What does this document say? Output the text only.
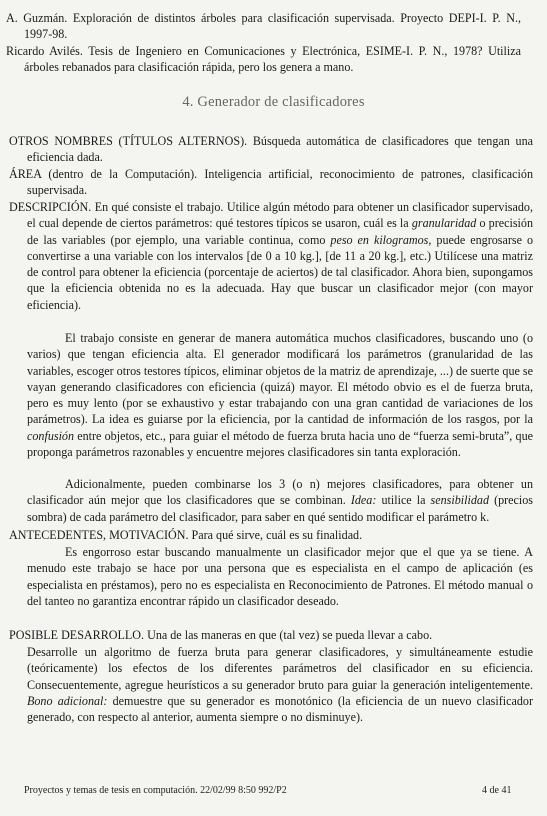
A. Guzmán. Exploración de distintos árboles para clasificación supervisada. Proyecto DEPI-I. P. N., 1997-98.
Ricardo Avilés. Tesis de Ingeniero en Comunicaciones y Electrónica, ESIME-I. P. N., 1978? Utiliza árboles rebanados para clasificación rápida, pero los genera a mano.
4. Generador de clasificadores
OTROS NOMBRES (TÍTULOS ALTERNOS). Búsqueda automática de clasificadores que tengan una eficiencia dada.
ÁREA (dentro de la Computación). Inteligencia artificial, reconocimiento de patrones, clasificación supervisada.
DESCRIPCIÓN. En qué consiste el trabajo. Utilice algún método para obtener un clasificador supervisado, el cual depende de ciertos parámetros: qué testores típicos se usaron, cuál es la granularidad o precisión de las variables (por ejemplo, una variable continua, como peso en kilogramos, puede engrosarse o convertirse a una variable con los intervalos [de 0 a 10 kg.], [de 11 a 20 kg.], etc.) Utilícese una matriz de control para obtener la eficiencia (porcentaje de aciertos) de tal clasificador. Ahora bien, supongamos que la eficiencia obtenida no es la adecuada. Hay que buscar un clasificador mejor (con mayor eficiencia).
El trabajo consiste en generar de manera automática muchos clasificadores, buscando uno (o varios) que tengan eficiencia alta. El generador modificará los parámetros (granularidad de las variables, escoger otros testores típicos, eliminar objetos de la matriz de aprendizaje, ...) de suerte que se vayan generando clasificadores con eficiencia (quizá) mayor. El método obvio es el de fuerza bruta, pero es muy lento (por se exhaustivo y estar trabajando con una gran cantidad de variaciones de los parámetros). La idea es guiarse por la eficiencia, por la cantidad de información de los rasgos, por la confusión entre objetos, etc., para guiar el método de fuerza bruta hacia uno de “fuerza semi-bruta”, que proponga parámetros razonables y encuentre mejores clasificadores sin tanta exploración.
Adicionalmente, pueden combinarse los 3 (o n) mejores clasificadores, para obtener un clasificador aún mejor que los clasificadores que se combinan. Idea: utilice la sensibilidad (precios sombra) de cada parámetro del clasificador, para saber en qué sentido modificar el parámetro k.
ANTECEDENTES, MOTIVACIÓN. Para qué sirve, cuál es su finalidad.
Es engorroso estar buscando manualmente un clasificador mejor que el que ya se tiene. A menudo este trabajo se hace por una persona que es especialista en el campo de aplicación (es especialista en préstamos), pero no es especialista en Reconocimiento de Patrones. El método manual o del tanteo no garantiza encontrar rápido un clasificador deseado.
POSIBLE DESARROLLO. Una de las maneras en que (tal vez) se pueda llevar a cabo.
Desarrolle un algoritmo de fuerza bruta para generar clasificadores, y simultáneamente estudie (teóricamente) los efectos de los diferentes parámetros del clasificador en su eficiencia. Consecuentemente, agregue heurísticos a su generador bruto para guiar la generación inteligentemente. Bono adicional: demuestre que su generador es monotónico (la eficiencia de un nuevo clasificador generado, con respecto al anterior, aumenta siempre o no disminuye).
Proyectos y temas de tesis en computación. 22/02/99 8:50 992/P2	4 de 41
